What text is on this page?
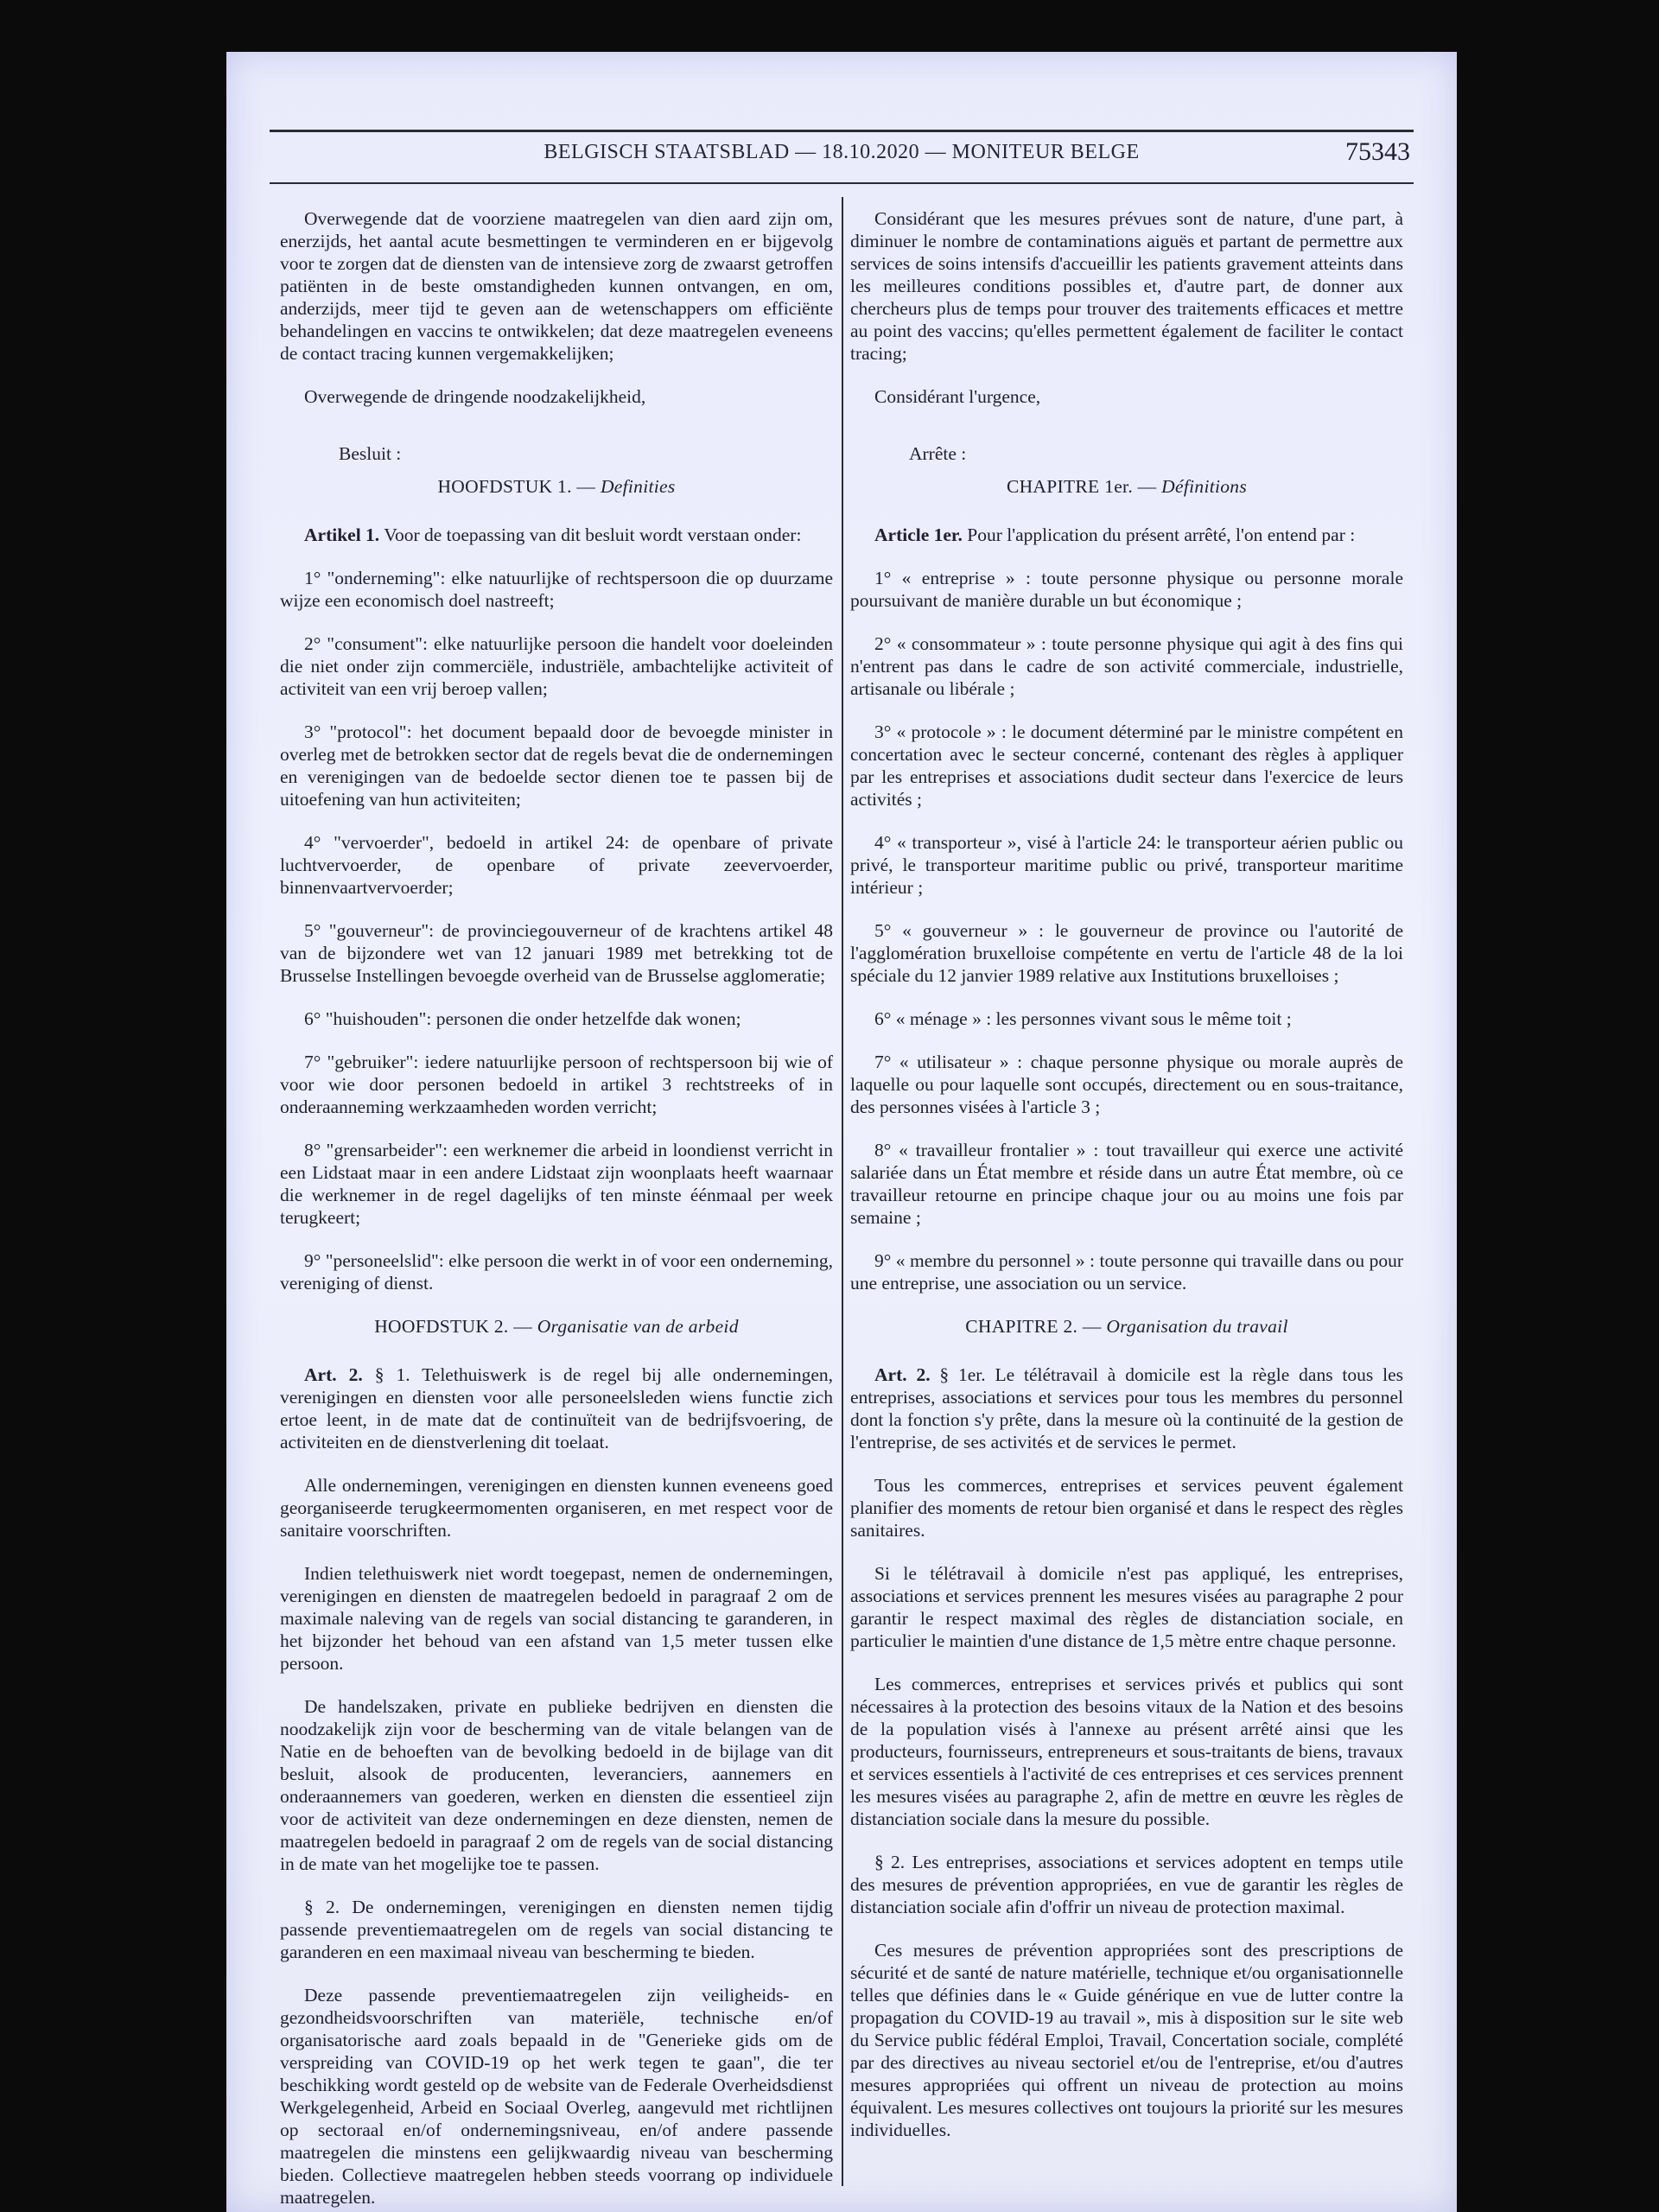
BELGISCH STAATSBLAD — 18.10.2020 — MONITEUR BELGE	75343

Overwegende dat de voorziene maatregelen van dien aard zijn om, enerzijds, het aantal acute besmettingen te verminderen en er bijgevolg voor te zorgen dat de diensten van de intensieve zorg de zwaarst getroffen patiënten in de beste omstandigheden kunnen ontvangen, en om, anderzijds, meer tijd te geven aan de wetenschappers om efficiënte behandelingen en vaccins te ontwikkelen; dat deze maatregelen eveneens de contact tracing kunnen vergemakkelijken;

Overwegende de dringende noodzakelijkheid,

Besluit :

HOOFDSTUK 1. — Definities

Artikel 1. Voor de toepassing van dit besluit wordt verstaan onder:

1° "onderneming": elke natuurlijke of rechtspersoon die op duurzame wijze een economisch doel nastreeft;

2° "consument": elke natuurlijke persoon die handelt voor doeleinden die niet onder zijn commerciële, industriële, ambachtelijke activiteit of activiteit van een vrij beroep vallen;

3° "protocol": het document bepaald door de bevoegde minister in overleg met de betrokken sector dat de regels bevat die de ondernemingen en verenigingen van de bedoelde sector dienen toe te passen bij de uitoefening van hun activiteiten;

4° "vervoerder", bedoeld in artikel 24: de openbare of private luchtvervoerder, de openbare of private zeevervoerder, binnenvaartvervoerder;

5° "gouverneur": de provinciegouverneur of de krachtens artikel 48 van de bijzondere wet van 12 januari 1989 met betrekking tot de Brusselse Instellingen bevoegde overheid van de Brusselse agglomeratie;

6° "huishouden": personen die onder hetzelfde dak wonen;

7° "gebruiker": iedere natuurlijke persoon of rechtspersoon bij wie of voor wie door personen bedoeld in artikel 3 rechtstreeks of in onderaanneming werkzaamheden worden verricht;

8° "grensarbeider": een werknemer die arbeid in loondienst verricht in een Lidstaat maar in een andere Lidstaat zijn woonplaats heeft waarnaar die werknemer in de regel dagelijks of ten minste éénmaal per week terugkeert;

9° "personeelslid": elke persoon die werkt in of voor een onderneming, vereniging of dienst.

HOOFDSTUK 2. — Organisatie van de arbeid

Art. 2. § 1. Telethuiswerk is de regel bij alle ondernemingen, verenigingen en diensten voor alle personeelsleden wiens functie zich ertoe leent, in de mate dat de continuïteit van de bedrijfsvoering, de activiteiten en de dienstverlening dit toelaat.

Alle ondernemingen, verenigingen en diensten kunnen eveneens goed georganiseerde terugkeermomenten organiseren, en met respect voor de sanitaire voorschriften.

Indien telethuiswerk niet wordt toegepast, nemen de ondernemingen, verenigingen en diensten de maatregelen bedoeld in paragraaf 2 om de maximale naleving van de regels van social distancing te garanderen, in het bijzonder het behoud van een afstand van 1,5 meter tussen elke persoon.

De handelszaken, private en publieke bedrijven en diensten die noodzakelijk zijn voor de bescherming van de vitale belangen van de Natie en de behoeften van de bevolking bedoeld in de bijlage van dit besluit, alsook de producenten, leveranciers, aannemers en onderaannemers van goederen, werken en diensten die essentieel zijn voor de activiteit van deze ondernemingen en deze diensten, nemen de maatregelen bedoeld in paragraaf 2 om de regels van de social distancing in de mate van het mogelijke toe te passen.

§ 2. De ondernemingen, verenigingen en diensten nemen tijdig passende preventiemaatregelen om de regels van social distancing te garanderen en een maximaal niveau van bescherming te bieden.

Deze passende preventiemaatregelen zijn veiligheids- en gezondheidsvoorschriften van materiële, technische en/of organisatorische aard zoals bepaald in de "Generieke gids om de verspreiding van COVID-19 op het werk tegen te gaan", die ter beschikking wordt gesteld op de website van de Federale Overheidsdienst Werkgelegenheid, Arbeid en Sociaal Overleg, aangevuld met richtlijnen op sectoraal en/of ondernemingsniveau, en/of andere passende maatregelen die minstens een gelijkwaardig niveau van bescherming bieden. Collectieve maatregelen hebben steeds voorrang op individuele maatregelen.

Considérant que les mesures prévues sont de nature, d'une part, à diminuer le nombre de contaminations aiguës et partant de permettre aux services de soins intensifs d'accueillir les patients gravement atteints dans les meilleures conditions possibles et, d'autre part, de donner aux chercheurs plus de temps pour trouver des traitements efficaces et mettre au point des vaccins; qu'elles permettent également de faciliter le contact tracing;

Considérant l'urgence,

Arrête :

CHAPITRE 1er. — Définitions

Article 1er. Pour l'application du présent arrêté, l'on entend par :

1° « entreprise » : toute personne physique ou personne morale poursuivant de manière durable un but économique ;

2° « consommateur » : toute personne physique qui agit à des fins qui n'entrent pas dans le cadre de son activité commerciale, industrielle, artisanale ou libérale ;

3° « protocole » : le document déterminé par le ministre compétent en concertation avec le secteur concerné, contenant des règles à appliquer par les entreprises et associations dudit secteur dans l'exercice de leurs activités ;

4° « transporteur », visé à l'article 24: le transporteur aérien public ou privé, le transporteur maritime public ou privé, transporteur maritime intérieur ;

5° « gouverneur » : le gouverneur de province ou l'autorité de l'agglomération bruxelloise compétente en vertu de l'article 48 de la loi spéciale du 12 janvier 1989 relative aux Institutions bruxelloises ;

6° « ménage » : les personnes vivant sous le même toit ;

7° « utilisateur » : chaque personne physique ou morale auprès de laquelle ou pour laquelle sont occupés, directement ou en sous-traitance, des personnes visées à l'article 3 ;

8° « travailleur frontalier » : tout travailleur qui exerce une activité salariée dans un État membre et réside dans un autre État membre, où ce travailleur retourne en principe chaque jour ou au moins une fois par semaine ;

9° « membre du personnel » : toute personne qui travaille dans ou pour une entreprise, une association ou un service.

CHAPITRE 2. — Organisation du travail

Art. 2. § 1er. Le télétravail à domicile est la règle dans tous les entreprises, associations et services pour tous les membres du personnel dont la fonction s'y prête, dans la mesure où la continuité de la gestion de l'entreprise, de ses activités et de services le permet.

Tous les commerces, entreprises et services peuvent également planifier des moments de retour bien organisé et dans le respect des règles sanitaires.

Si le télétravail à domicile n'est pas appliqué, les entreprises, associations et services prennent les mesures visées au paragraphe 2 pour garantir le respect maximal des règles de distanciation sociale, en particulier le maintien d'une distance de 1,5 mètre entre chaque personne.

Les commerces, entreprises et services privés et publics qui sont nécessaires à la protection des besoins vitaux de la Nation et des besoins de la population visés à l'annexe au présent arrêté ainsi que les producteurs, fournisseurs, entrepreneurs et sous-traitants de biens, travaux et services essentiels à l'activité de ces entreprises et ces services prennent les mesures visées au paragraphe 2, afin de mettre en œuvre les règles de distanciation sociale dans la mesure du possible.

§ 2. Les entreprises, associations et services adoptent en temps utile des mesures de prévention appropriées, en vue de garantir les règles de distanciation sociale afin d'offrir un niveau de protection maximal.

Ces mesures de prévention appropriées sont des prescriptions de sécurité et de santé de nature matérielle, technique et/ou organisationnelle telles que définies dans le « Guide générique en vue de lutter contre la propagation du COVID-19 au travail », mis à disposition sur le site web du Service public fédéral Emploi, Travail, Concertation sociale, complété par des directives au niveau sectoriel et/ou de l'entreprise, et/ou d'autres mesures appropriées qui offrent un niveau de protection au moins équivalent. Les mesures collectives ont toujours la priorité sur les mesures individuelles.
